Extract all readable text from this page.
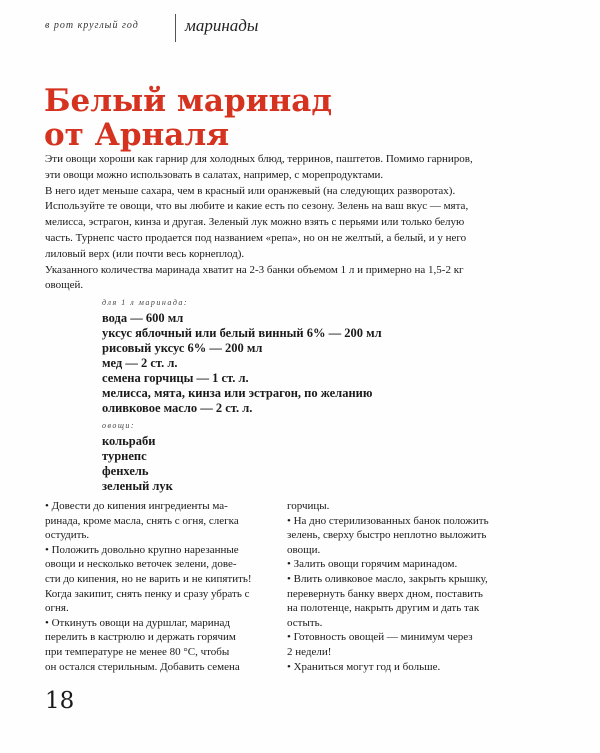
в рот круглый год	маринады
Белый маринад
от Арналя
Эти овощи хороши как гарнир для холодных блюд, терринов, паштетов. Помимо гарниров,
эти овощи можно использовать в салатах, например, с морепродуктами.
В него идет меньше сахара, чем в красный или оранжевый (на следующих разворотах).
Используйте те овощи, что вы любите и какие есть по сезону. Зелень на ваш вкус — мята,
мелисса, эстрагон, кинза и другая. Зеленый лук можно взять с перьями или только белую
часть. Турнепс часто продается под названием «репа», но он не желтый, а белый, и у него
лиловый верх (или почти весь корнеплод).
Указанного количества маринада хватит на 2-3 банки объемом 1 л и примерно на 1,5-2 кг
овощей.
для 1 л маринада:
вода — 600 мл
уксус яблочный или белый винный 6% — 200 мл
рисовый уксус 6% — 200 мл
мед — 2 ст. л.
семена горчицы — 1 ст. л.
мелисса, мята, кинза или эстрагон, по желанию
оливковое масло — 2 ст. л.
овощи:
кольраби
турнепс
фенхель
зеленый лук
• Довести до кипения ингредиенты ма-
ринада, кроме масла, снять с огня, слегка
остудить.
• Положить довольно крупно нарезанные
овощи и несколько веточек зелени, дове-
сти до кипения, но не варить и не кипятить!
Когда закипит, снять пенку и сразу убрать с
огня.
• Откинуть овощи на дуршлаг, маринад
перелить в кастрюлю и держать горячим
при температуре не менее 80 °С, чтобы
он остался стерильным. Добавить семена
горчицы.
• На дно стерилизованных банок положить
зелень, сверху быстро неплотно выложить
овощи.
• Залить овощи горячим маринадом.
• Влить оливковое масло, закрыть крышку,
перевернуть банку вверх дном, поставить
на полотенце, накрыть другим и дать так
остыть.
• Готовность овощей — минимум через
2 недели!
• Храниться могут год и больше.
18
